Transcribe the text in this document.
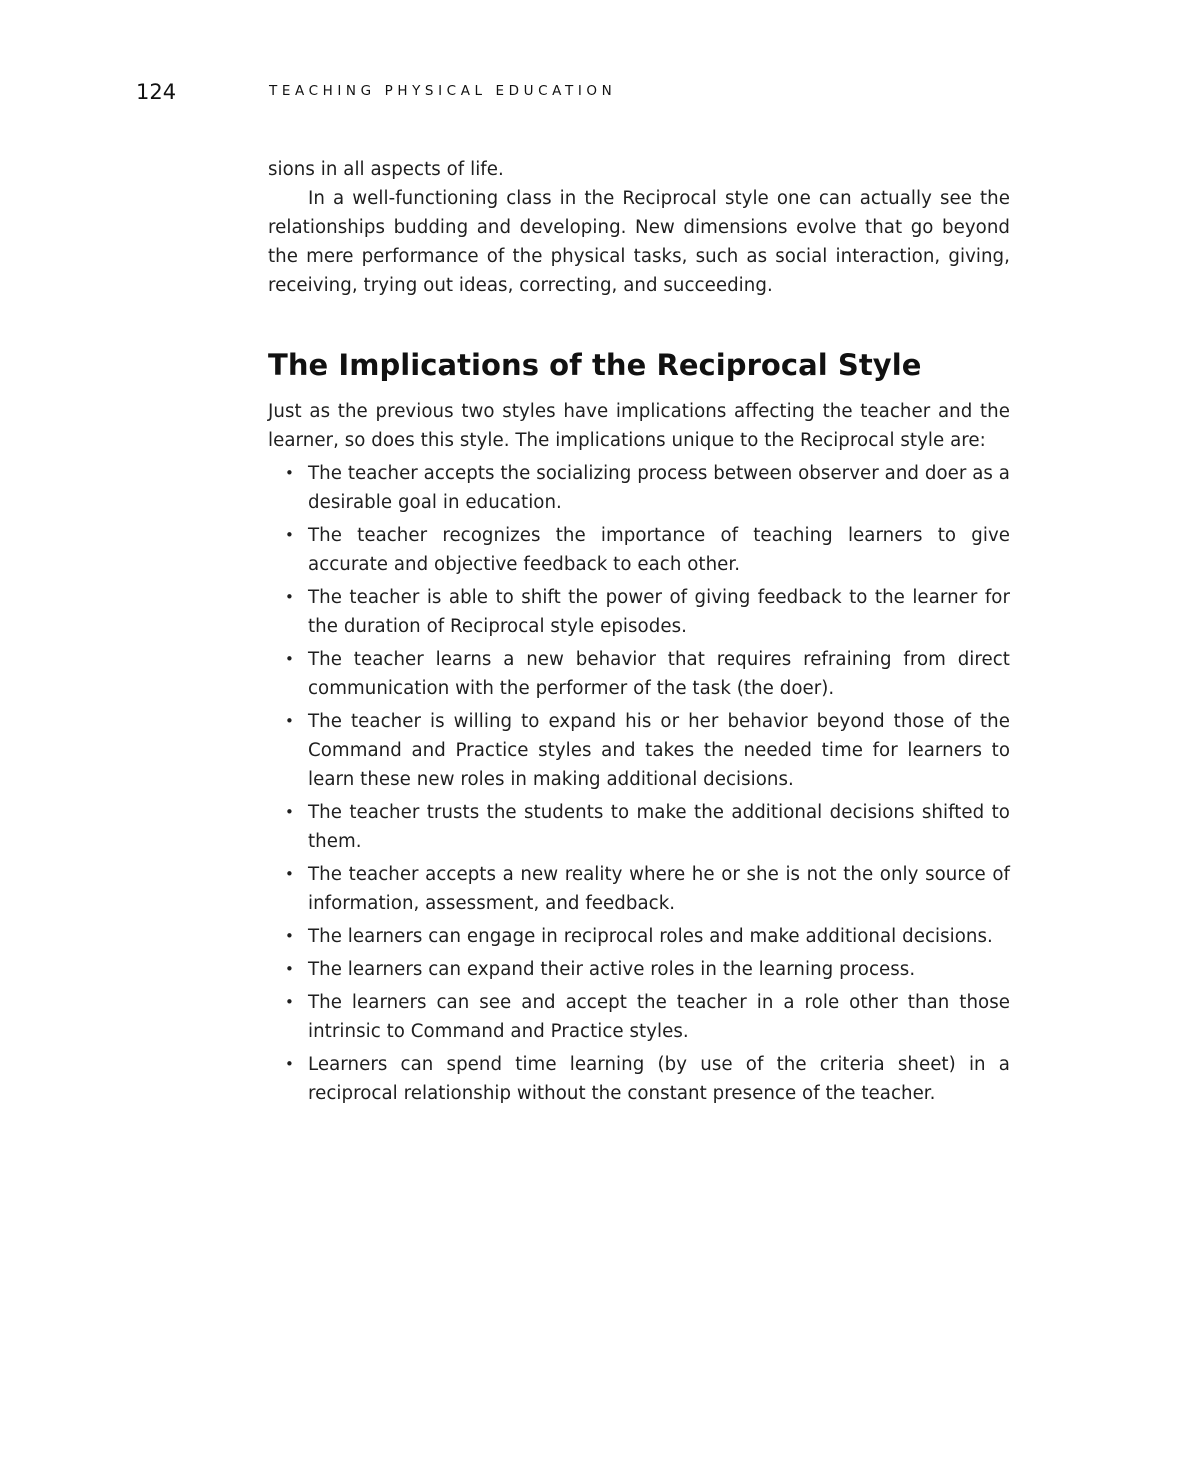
124	TEACHING PHYSICAL EDUCATION

sions in all aspects of life.

In a well-functioning class in the Reciprocal style one can actually see the relationships budding and developing. New dimensions evolve that go beyond the mere performance of the physical tasks, such as social interaction, giving, receiving, trying out ideas, correcting, and succeeding.

The Implications of the Reciprocal Style

Just as the previous two styles have implications affecting the teacher and the learner, so does this style. The implications unique to the Reciprocal style are:

• The teacher accepts the socializing process between observer and doer as a desirable goal in education.
• The teacher recognizes the importance of teaching learners to give accurate and objective feedback to each other.
• The teacher is able to shift the power of giving feedback to the learner for the duration of Reciprocal style episodes.
• The teacher learns a new behavior that requires refraining from direct communication with the performer of the task (the doer).
• The teacher is willing to expand his or her behavior beyond those of the Command and Practice styles and takes the needed time for learners to learn these new roles in making additional decisions.
• The teacher trusts the students to make the additional decisions shifted to them.
• The teacher accepts a new reality where he or she is not the only source of information, assessment, and feedback.
• The learners can engage in reciprocal roles and make additional decisions.
• The learners can expand their active roles in the learning process.
• The learners can see and accept the teacher in a role other than those intrinsic to Command and Practice styles.
• Learners can spend time learning (by use of the criteria sheet) in a reciprocal relationship without the constant presence of the teacher.
